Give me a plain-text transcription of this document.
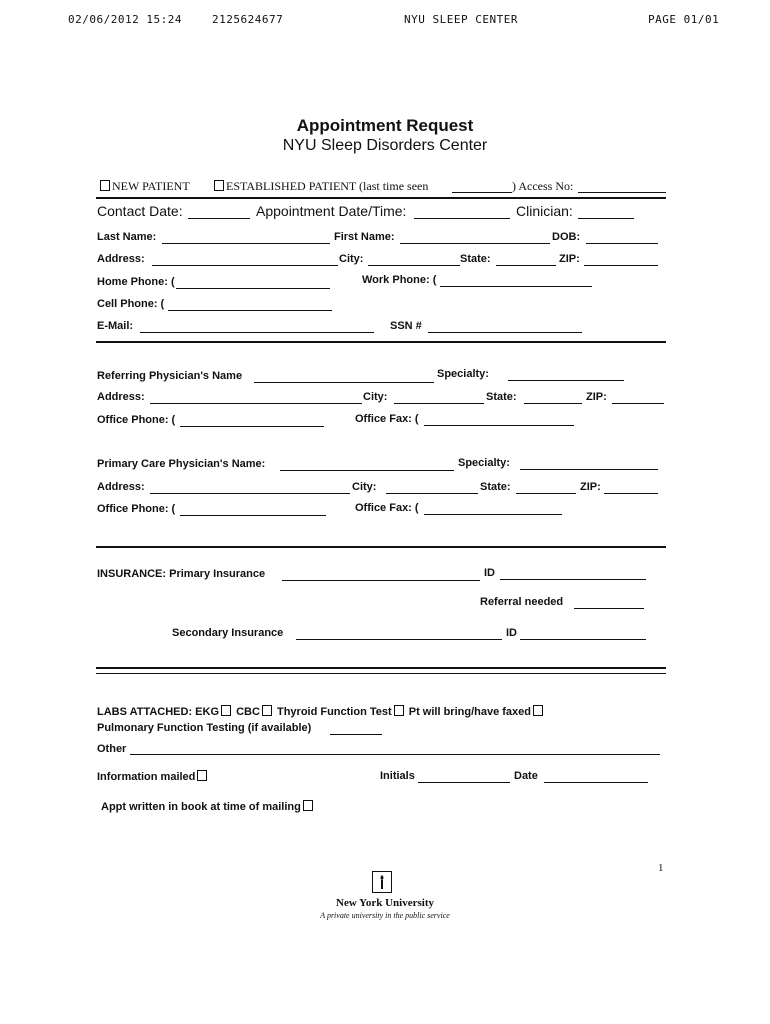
02/06/2012 15:24	2125624677	NYU SLEEP CENTER	PAGE 01/01
Appointment Request
NYU Sleep Disorders Center
NEW PATIENT	ESTABLISHED PATIENT (last time seen	) Access No:
Contact Date:	Appointment Date/Time:	Clinician:
Last Name:	First Name:	DOB:
Address:	City:	State:	ZIP:
Home Phone: (	Work Phone: (
Cell Phone: (
E-Mail:	SSN #
Referring Physician's Name	Specialty:
Address:	City:	State:	ZIP:
Office Phone: (	Office Fax: (
Primary Care Physician's Name:	Specialty:
Address:	City:	State:	ZIP:
Office Phone: (	Office Fax: (
INSURANCE: Primary Insurance	ID
Referral needed
Secondary Insurance	ID
LABS ATTACHED: EKG CBC Thyroid Function Test Pt will bring/have faxed
Pulmonary Function Testing (if available)
Other
Information mailed	Initials	Date
Appt written in book at time of mailing
1
New York University
A private university in the public service
